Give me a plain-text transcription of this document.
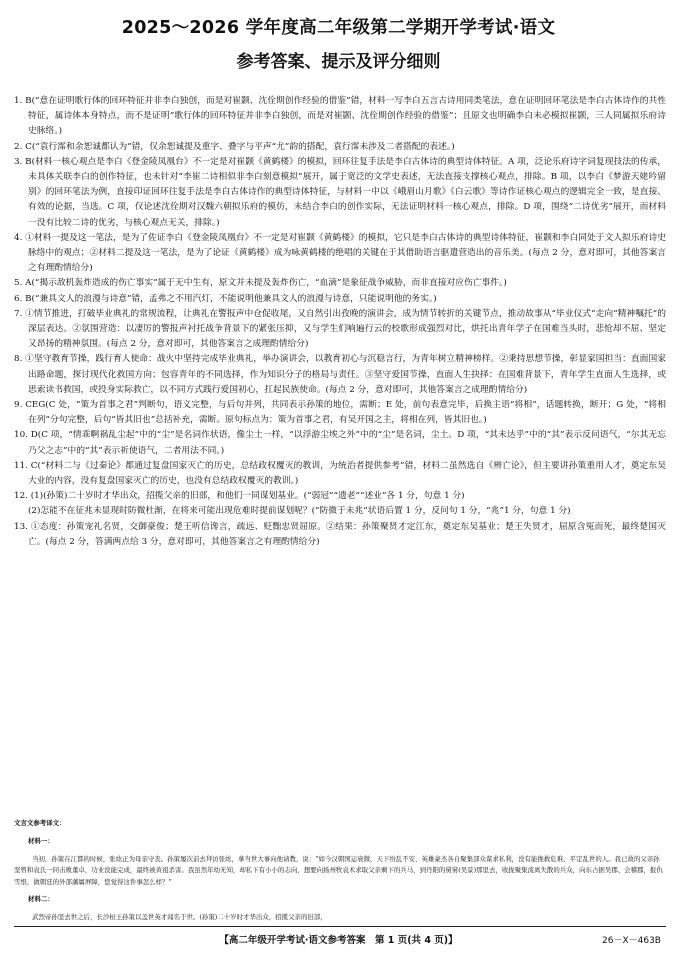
2025～2026 学年度高二年级第二学期开学考试·语文
参考答案、提示及评分细则

1. B(“意在证明歌行体的回环特征并非李白独创，而是对崔颢、沈佺期创作经验的借鉴”错，材料一写李白五言古诗用同类笔法，意在证明回环笔法是李白古体诗作的共性特征，属诗体本身特点，而不是证明“歌行体的回环特征并非李白独创，而是对崔颢、沈佺期创作经验的借鉴”；且原文也明确李白未必模拟崔颢，三人同属拟乐府诗史脉络。)

2. C(“袁行霈和余恕诚都认为”错，仅余恕诚提及重字、叠字与平声“尤”韵的搭配，袁行霈未涉及二者搭配的表述。)

3. B(材料一核心观点是李白《登金陵凤凰台》不一定是对崔颢《黄鹤楼》的模拟，回环往复手法是李白古体诗的典型诗体特征。A 项，泛论乐府诗字词复现技法的传承，未具体关联李白的创作特征，也未针对“李崔二诗相似非李白刻意模拟”展开，属于宽泛的文学史表述，无法直接支撑核心观点，排除。B 项，以李白《梦游天姥吟留别》的回环笔法为例，直接印证回环往复手法是李白古体诗作的典型诗体特征，与材料一中以《峨眉山月歌》《白云歌》等诗作证核心观点的逻辑完全一致，是直接、有效的论据，当选。C 项，仅论述沈佺期对汉魏六朝拟乐府的模仿，未结合李白的创作实际，无法证明材料一核心观点，排除。D 项，围绕“二诗优劣”展开，而材料一没有比较二诗的优劣，与核心观点无关，排除。)

4. ①材料一提及这一笔法，是为了佐证李白《登金陵凤凰台》不一定是对崔颢《黄鹤楼》的模拟，它只是李白古体诗的典型诗体特征，崔颢和李白同处于文人拟乐府诗史脉络中的观点；②材料二提及这一笔法，是为了论证《黄鹤楼》成为咏黄鹤楼的绝唱的关键在于其借助语言驱遣营造出的音乐美。(每点 2 分，意对即可，其他答案言之有理酌情给分)

5. A(“揭示敌机轰炸造成的伤亡事实”属于无中生有，原文并未提及轰炸伤亡，“血滴”是象征战争威胁，而非直接对应伤亡事件。)

6. B(“兼具文人的浪漫与诗意”错，孟弗之不用汽灯，不能说明他兼具文人的浪漫与诗意，只能说明他的务实。)

7. ①情节推进，打破毕业典礼的常规流程，让典礼在警报声中仓促收尾，又自然引出孜晚的演讲会，成为情节转折的关键节点，推动故事从“毕业仪式”走向“精神嘱托”的深层表达。②氛围营造：以凄厉的警报声衬托战争背景下的紧张压抑，又与学生们响遍行云的校歌形成强烈对比，烘托出青年学子在国难当头时，悲怆却不屈、坚定又昂扬的精神氛围。(每点 2 分，意对即可，其他答案言之成理酌情给分)

8. ①坚守教育节操，践行育人使命：战火中坚持完成毕业典礼，举办演讲会，以教育初心与沉稳言行，为青年树立精神榜样。②秉持思想节操，彰显家国担当：直面国家出路命题，探讨现代化救国方向；包容青年的不同选择，作为知识分子的格局与责任。③坚守爱国节操，直面人生抉择：在国难背景下，青年学生直面人生选择，或思索读书救国，或投身实际救亡，以不同方式践行爱国初心，扛起民族使命。(每点 2 分，意对即可，其他答案言之成理酌情给分)

9. CEG(C 处，“策为首事之君”判断句，语义完整，与后句并列，共同表示孙策的地位，需断；E 处，前句表意完毕，后换主语“将相”，话题转换，断开；G 处，“将相在列”分句完整，后句“皆其旧也”总括补充，需断。原句标点为：策为首事之君，有吴开国之主，将相在列，皆其旧也。)

10. D(C 项，“情乖啊祸乱尘起”中的“尘”是名词作状语，像尘土一样，“以浮游尘埃之外”中的“尘”是名词，尘土。D 项，“其未达乎”中的“其”表示反问语气，“尔其无忘乃父之志”中的“其”表示祈使语气，二者用法不同。)

11. C(“材料二与《过秦论》都通过复盘国家灭亡的历史，总结政权覆灭的教训，为统治者提供参考”错，材料二虽然选自《辨亡论》，但主要讲孙策重用人才，奠定东吴大业的内容，没有复盘国家灭亡的历史，也没有总结政权覆灭的教训。)

12. (1)(孙策)二十岁时才华出众，招揽父亲的旧部，和他们一同谋划基业。(“弱冠”“遗老”“述业”各 1 分，句意 1 分)

(2)怎能不在征兆未显现时防微杜渐，在将来可能出现危难时提前谋划呢？(“防微于未兆”状语后置 1 分，反问句 1 分，“兆”1 分，句意 1 分)

13. ①态度：孙策宠礼名贤，交御豪俊；楚王听信谗言，疏远、贬黜忠贤屈原。②结果：孙策聚贤才定江东，奠定东吴基业；楚王失贤才，屈原含冤而死，最终楚国灭亡。(每点 2 分，答满两点给 3 分，意对即可，其他答案言之有理酌情给分)

文言文参考译文：

材料一：

当初，孙策在江都的时候，张纮正为母亲守丧。孙策屡次前去拜访张纮，拿当世大事向他请教，说：“如今汉朝国运衰微，天下纷乱不安，英雄豪杰各自聚集部众谋求私利，没有能挽救危难、平定乱世的人。我已故的父亲孙坚曾和袁氏一同击败董卓，功业没能完成，最终被黄祖杀害。我虽然年幼无知，却私下有小小的志向，想要向扬州牧袁术求取父亲剩下的兵马，到丹阳的舅舅(吴景)那里去，收拢聚集流离失散的兵众，向东占据吴郡、会稽郡，报仇雪恨，做朝廷的外部藩属屏障，您觉得这件事怎么样？”

材料二：

武烈帝孙坚去世之后，长沙桓王孙策以盖世英才闻名于世。(孙策)二十岁时才华出众，招揽父亲的旧部，

【高二年级开学考试·语文参考答案　第 1 页(共 4 页)】	26－X－463B
